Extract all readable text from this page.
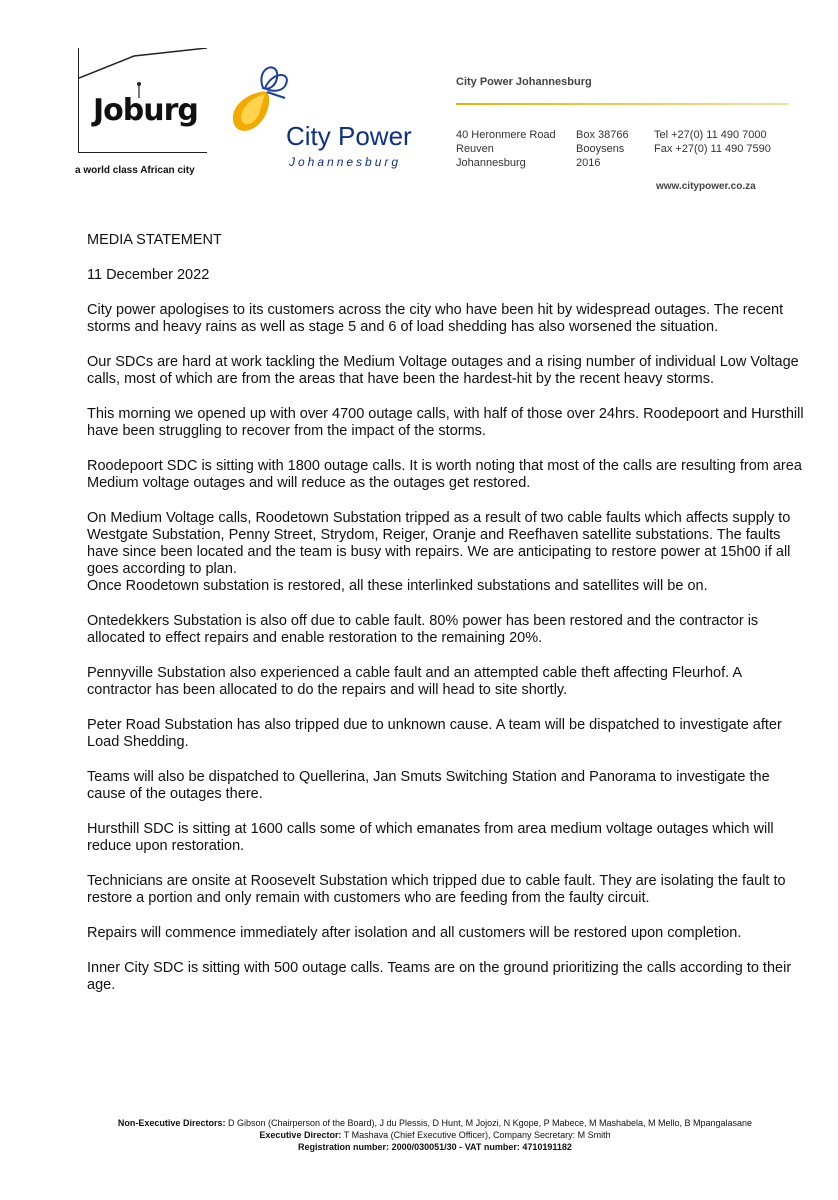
Joburg
a world class African city
City Power
Johannesburg
City Power Johannesburg
40 Heronmere Road
Reuven
Johannesburg
Box 38766
Booysens
2016
Tel +27(0) 11 490 7000
Fax +27(0) 11 490 7590
www.citypower.co.za

MEDIA STATEMENT

11 December 2022

City power apologises to its customers across the city who have been hit by widespread outages. The recent storms and heavy rains as well as stage 5 and 6 of load shedding has also worsened the situation.

Our SDCs are hard at work tackling the Medium Voltage outages and a rising number of individual Low Voltage calls, most of which are from the areas that have been the hardest-hit by the recent heavy storms.

This morning we opened up with over 4700 outage calls, with half of those over 24hrs. Roodepoort and Hursthill have been struggling to recover from the impact of the storms.

Roodepoort SDC is sitting with 1800 outage calls. It is worth noting that most of the calls are resulting from area Medium voltage outages and will reduce as the outages get restored.

On Medium Voltage calls, Roodetown Substation tripped as a result of two cable faults which affects supply to Westgate Substation, Penny Street, Strydom, Reiger, Oranje and Reefhaven satellite substations. The faults have since been located and the team is busy with repairs. We are anticipating to restore power at 15h00 if all goes according to plan.
Once Roodetown substation is restored, all these interlinked substations and satellites will be on.

Ontedekkers Substation is also off due to cable fault. 80% power has been restored and the contractor is allocated to effect repairs and enable restoration to the remaining 20%.

Pennyville Substation also experienced a cable fault and an attempted cable theft affecting Fleurhof. A contractor has been allocated to do the repairs and will head to site shortly.

Peter Road Substation has also tripped due to unknown cause. A team will be dispatched to investigate after Load Shedding.

Teams will also be dispatched to Quellerina, Jan Smuts Switching Station and Panorama to investigate the cause of the outages there.

Hursthill SDC is sitting at 1600 calls some of which emanates from area medium voltage outages which will reduce upon restoration.

Technicians are onsite at Roosevelt Substation which tripped due to cable fault. They are isolating the fault to restore a portion and only remain with customers who are feeding from the faulty circuit.

Repairs will commence immediately after isolation and all customers will be restored upon completion.

Inner City SDC is sitting with 500 outage calls. Teams are on the ground prioritizing the calls according to their age.

Non-Executive Directors: D Gibson (Chairperson of the Board), J du Plessis, D Hunt, M Jojozi, N Kgope, P Mabece, M Mashabela, M Mello, B Mpangalasane
Executive Director: T Mashava (Chief Executive Officer), Company Secretary: M Smith
Registration number: 2000/030051/30 - VAT number: 4710191182
